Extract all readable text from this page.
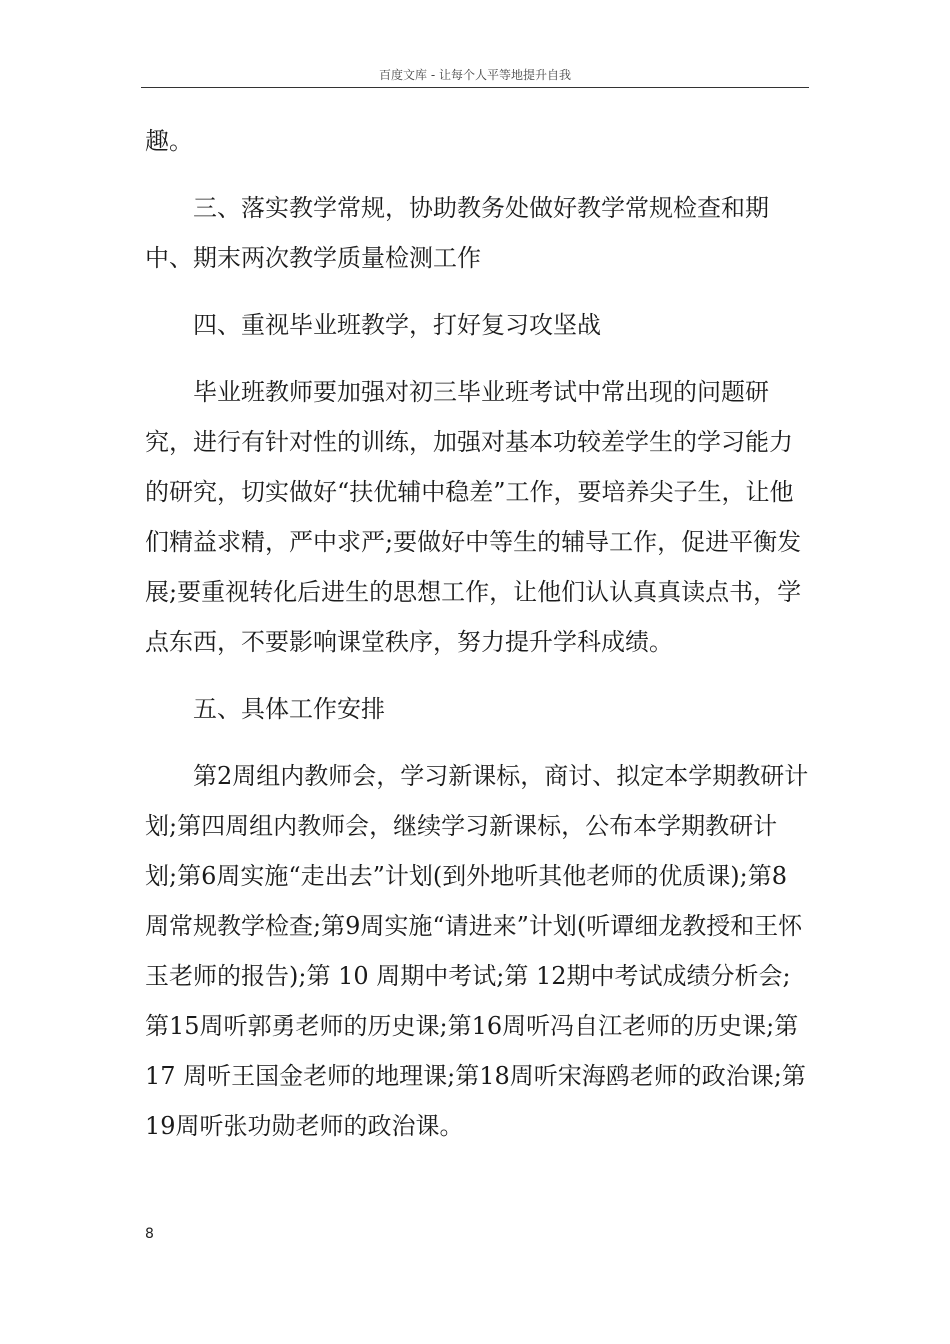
百度文库 - 让每个人平等地提升自我

趣。

三、落实教学常规，协助教务处做好教学常规检查和期中、期末两次教学质量检测工作

四、重视毕业班教学，打好复习攻坚战

毕业班教师要加强对初三毕业班考试中常出现的问题研究，进行有针对性的训练，加强对基本功较差学生的学习能力的研究，切实做好“扶优辅中稳差”工作，要培养尖子生，让他们精益求精，严中求严;要做好中等生的辅导工作，促进平衡发展;要重视转化后进生的思想工作，让他们认认真真读点书，学点东西，不要影响课堂秩序，努力提升学科成绩。

五、具体工作安排

第2周组内教师会，学习新课标，商讨、拟定本学期教研计划;第四周组内教师会，继续学习新课标，公布本学期教研计划;第6周实施“走出去”计划(到外地听其他老师的优质课);第8周常规教学检查;第9周实施“请进来”计划(听谭细龙教授和王怀玉老师的报告);第 10 周期中考试;第 12期中考试成绩分析会;第15周听郭勇老师的历史课;第16周听冯自江老师的历史课;第 17 周听王国金老师的地理课;第18周听宋海鸥老师的政治课;第19周听张功勋老师的政治课。

8
